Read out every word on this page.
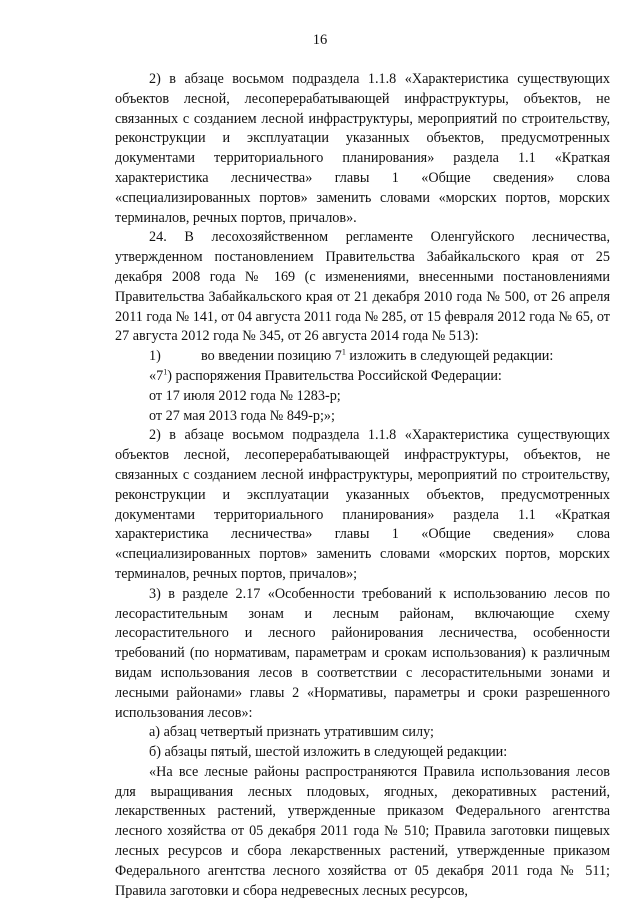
16

2) в абзаце восьмом подраздела 1.1.8 «Характеристика существующих объектов лесной, лесоперерабатывающей инфраструктуры, объектов, не связанных с созданием лесной инфраструктуры, мероприятий по строительству, реконструкции и эксплуатации указанных объектов, предусмотренных документами территориального планирования» раздела 1.1 «Краткая характеристика лесничества» главы 1 «Общие сведения» слова «специализированных портов» заменить словами «морских портов, морских терминалов, речных портов, причалов».

24. В лесохозяйственном регламенте Оленгуйского лесничества, утвержденном постановлением Правительства Забайкальского края от 25 декабря 2008 года № 169 (с изменениями, внесенными постановлениями Правительства Забайкальского края от 21 декабря 2010 года № 500, от 26 апреля 2011 года № 141, от 04 августа 2011 года № 285, от 15 февраля 2012 года № 65, от 27 августа 2012 года № 345, от 26 августа 2014 года № 513):

1)	во введении позицию $7^1$ изложить в следующей редакции:

«$7^1$) распоряжения Правительства Российской Федерации:

от 17 июля 2012 года № 1283-р;

от 27 мая 2013 года № 849-р;»;

2) в абзаце восьмом подраздела 1.1.8 «Характеристика существующих объектов лесной, лесоперерабатывающей инфраструктуры, объектов, не связанных с созданием лесной инфраструктуры, мероприятий по строительству, реконструкции и эксплуатации указанных объектов, предусмотренных документами территориального планирования» раздела 1.1 «Краткая характеристика лесничества» главы 1 «Общие сведения» слова «специализированных портов» заменить словами «морских портов, морских терминалов, речных портов, причалов»;

3) в разделе 2.17 «Особенности требований к использованию лесов по лесорастительным зонам и лесным районам, включающие схему лесорастительного и лесного районирования лесничества, особенности требований (по нормативам, параметрам и срокам использования) к различным видам использования лесов в соответствии с лесорастительными зонами и лесными районами» главы 2 «Нормативы, параметры и сроки разрешенного использования лесов»:

а) абзац четвертый признать утратившим силу;

б) абзацы пятый, шестой изложить в следующей редакции:

«На все лесные районы распространяются Правила использования лесов для выращивания лесных плодовых, ягодных, декоративных растений, лекарственных растений, утвержденные приказом Федерального агентства лесного хозяйства от 05 декабря 2011 года № 510; Правила заготовки пищевых лесных ресурсов и сбора лекарственных растений, утвержденные приказом Федерального агентства лесного хозяйства от 05 декабря 2011 года № 511; Правила заготовки и сбора недревесных лесных ресурсов,
